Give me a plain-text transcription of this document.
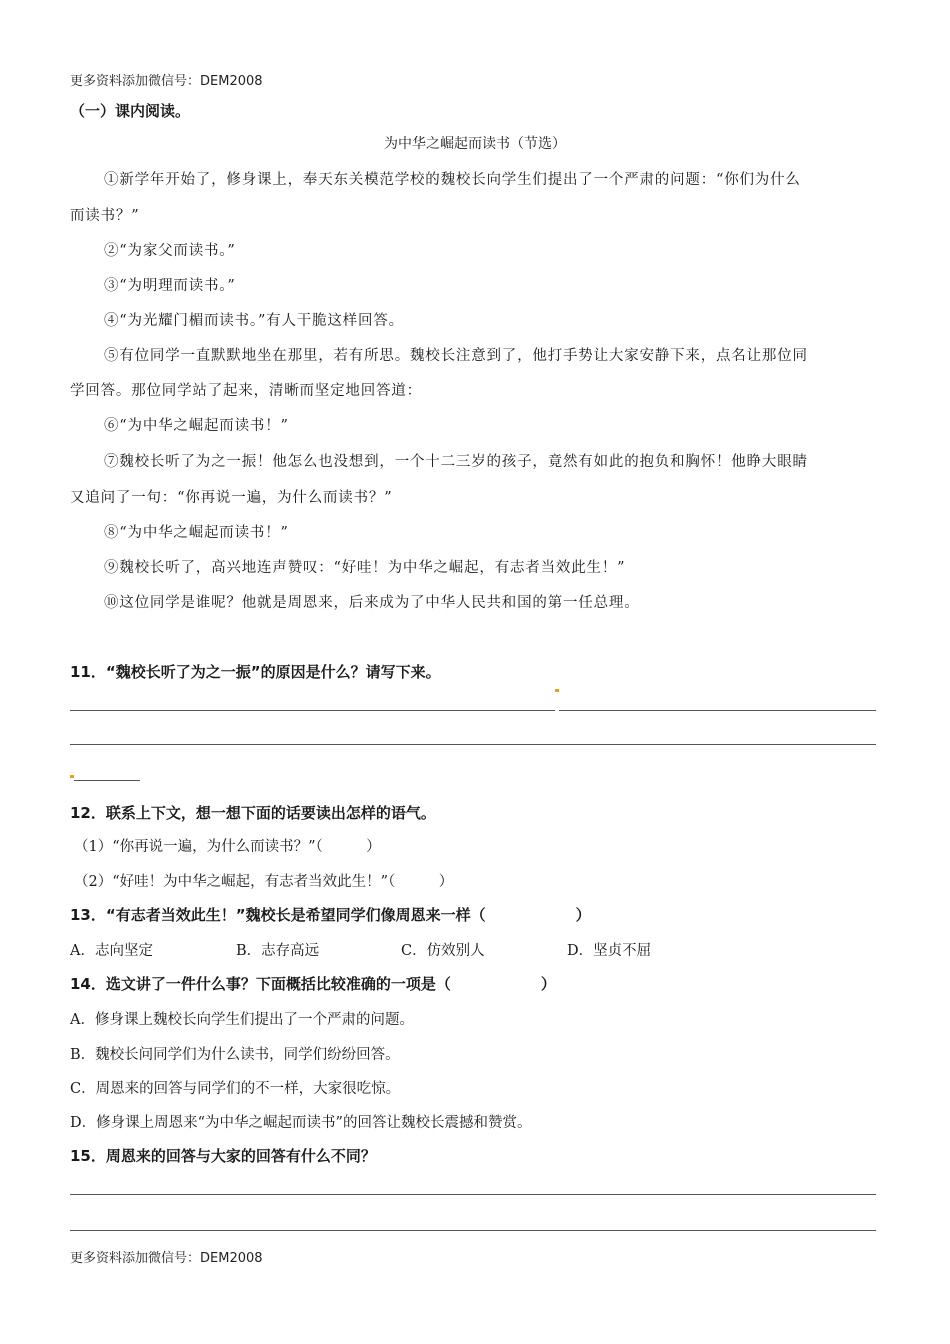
更多资料添加微信号：DEM2008
（一）课内阅读。
为中华之崛起而读书（节选）
①新学年开始了，修身课上，奉天东关模范学校的魏校长向学生们提出了一个严肃的问题：“你们为什么
而读书？”
②“为家父而读书。”
③“为明理而读书。”
④“为光耀门楣而读书。”有人干脆这样回答。
⑤有位同学一直默默地坐在那里，若有所思。魏校长注意到了，他打手势让大家安静下来，点名让那位同
学回答。那位同学站了起来，清晰而坚定地回答道：
⑥“为中华之崛起而读书！”
⑦魏校长听了为之一振！他怎么也没想到，一个十二三岁的孩子，竟然有如此的抱负和胸怀！他睁大眼睛
又追问了一句：“你再说一遍，为什么而读书？”
⑧“为中华之崛起而读书！”
⑨魏校长听了，高兴地连声赞叹：“好哇！为中华之崛起，有志者当效此生！”
⑩这位同学是谁呢？他就是周恩来，后来成为了中华人民共和国的第一任总理。
11．“魏校长听了为之一振”的原因是什么？请写下来。
12．联系上下文，想一想下面的话要读出怎样的语气。
（1）“你再说一遍，为什么而读书？”（　　　）
（2）“好哇！为中华之崛起，有志者当效此生！”（　　　）
13．“有志者当效此生！”魏校长是希望同学们像周恩来一样（　　　　　　）
A．志向坚定	B．志存高远	C．仿效别人	D．坚贞不屈
14．选文讲了一件什么事？下面概括比较准确的一项是（　　　　　　）
A．修身课上魏校长向学生们提出了一个严肃的问题。
B．魏校长问同学们为什么读书，同学们纷纷回答。
C．周恩来的回答与同学们的不一样，大家很吃惊。
D．修身课上周恩来“为中华之崛起而读书”的回答让魏校长震撼和赞赏。
15．周恩来的回答与大家的回答有什么不同？
更多资料添加微信号：DEM2008
